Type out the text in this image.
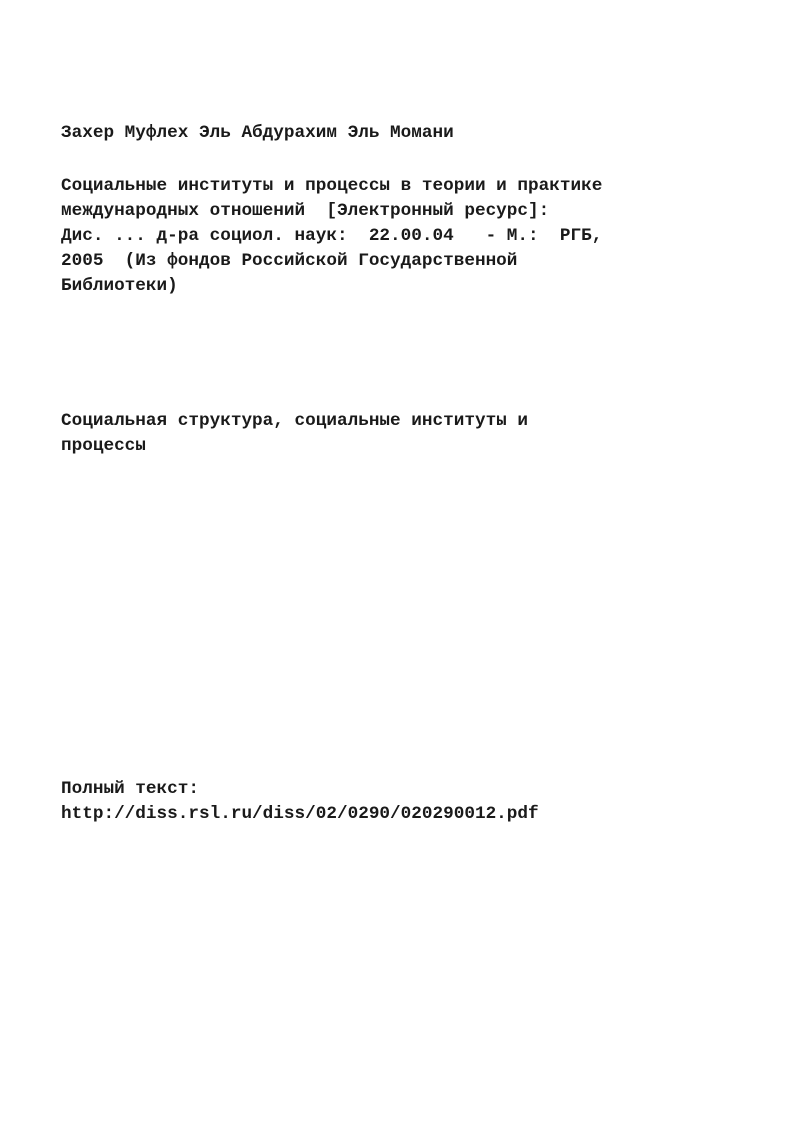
Захер Муфлех Эль Абдурахим Эль Момани

Социальные институты и процессы в теории и практике

международных отношений  [Электронный ресурс]:

Дис. ... д-ра социол. наук:  22.00.04   - М.:  РГБ,

2005  (Из фондов Российской Государственной

Библиотеки)

Социальная структура, социальные институты и

процессы

Полный текст:

http://diss.rsl.ru/diss/02/0290/020290012.pdf
